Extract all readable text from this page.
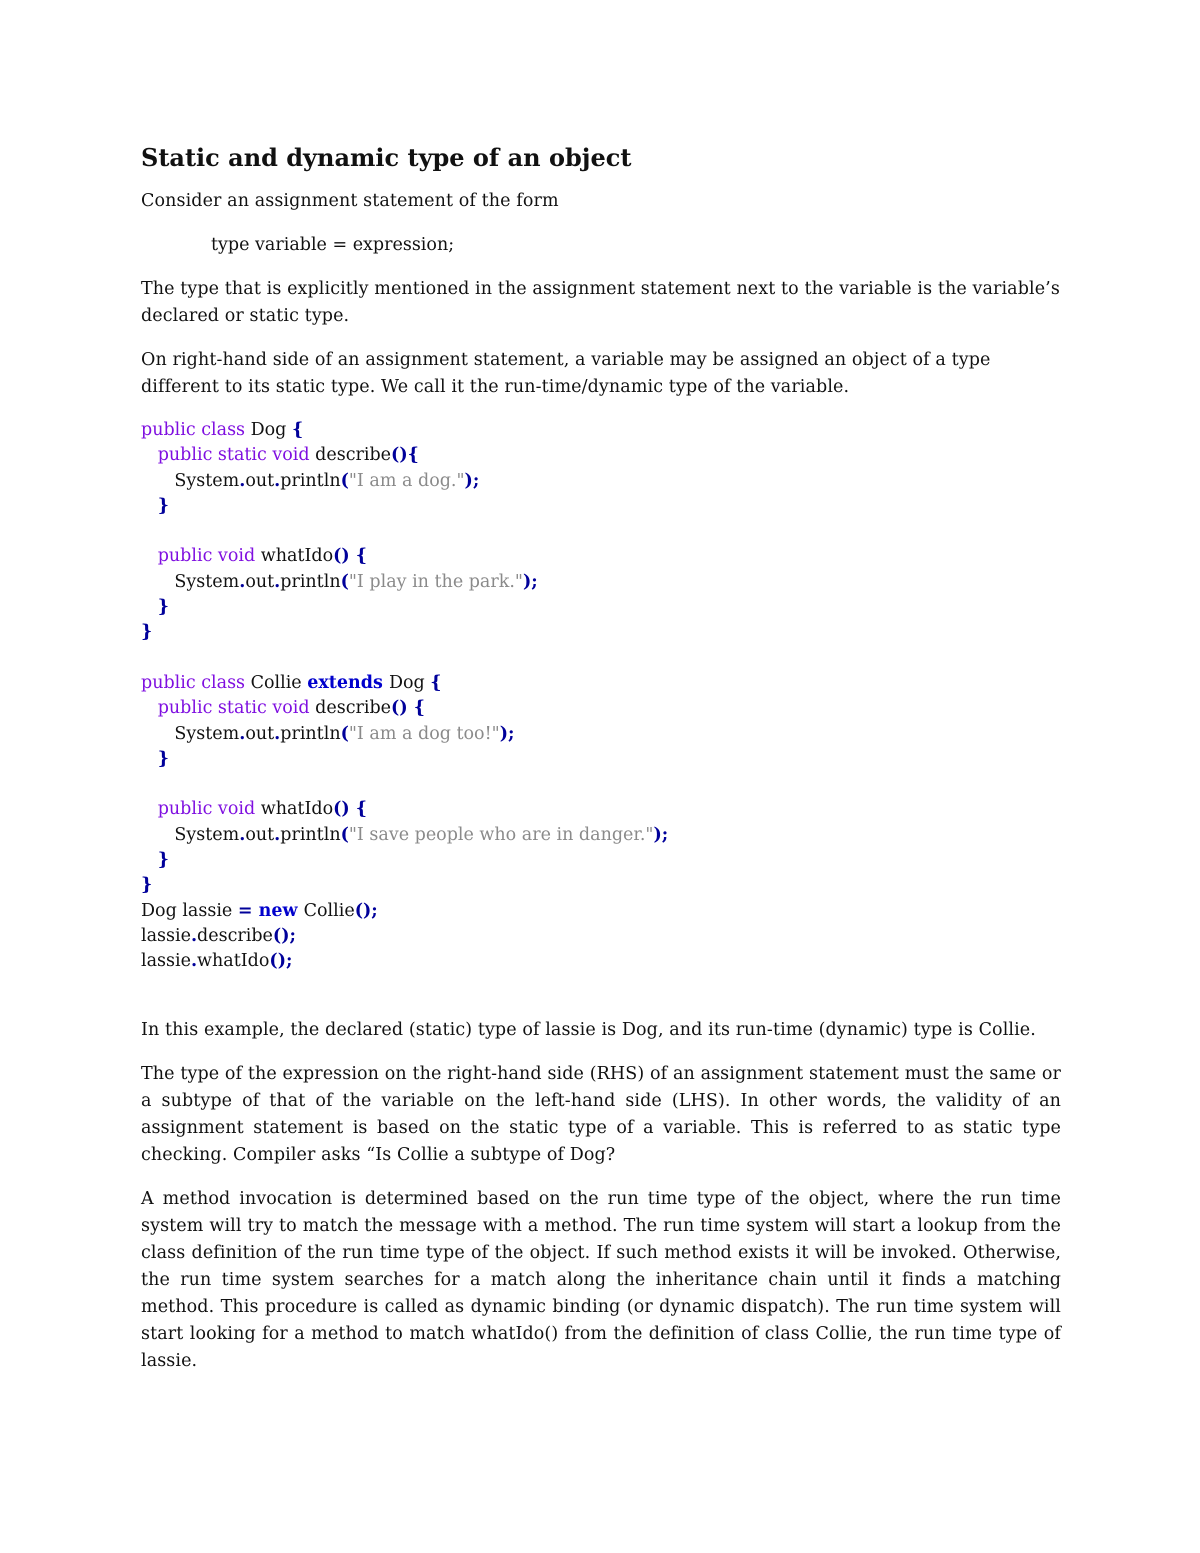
Static and dynamic type of an object

Consider an assignment statement of the form

type variable = expression;

The type that is explicitly mentioned in the assignment statement next to the variable is the variable’s declared or static type.

On right-hand side of an assignment statement, a variable may be assigned an object of a type different to its static type. We call it the run-time/dynamic type of the variable.

public class Dog {
public static void describe(){
System.out.println("I am a dog.");
}

public void whatIdo() {
System.out.println("I play in the park.");
}
}

public class Collie extends Dog {
public static void describe() {
System.out.println("I am a dog too!");
}

public void whatIdo() {
System.out.println("I save people who are in danger.");
}
}
Dog lassie = new Collie();
lassie.describe();
lassie.whatIdo();

In this example, the declared (static) type of lassie is Dog, and its run-time (dynamic) type is Collie.

The type of the expression on the right-hand side (RHS) of an assignment statement must the same or a subtype of that of the variable on the left-hand side (LHS). In other words, the validity of an assignment statement is based on the static type of a variable. This is referred to as static type checking. Compiler asks “Is Collie a subtype of Dog?

A method invocation is determined based on the run time type of the object, where the run time system will try to match the message with a method. The run time system will start a lookup from the class definition of the run time type of the object. If such method exists it will be invoked. Otherwise, the run time system searches for a match along the inheritance chain until it finds a matching method. This procedure is called as dynamic binding (or dynamic dispatch). The run time system will start looking for a method to match whatIdo() from the definition of class Collie, the run time type of lassie.
